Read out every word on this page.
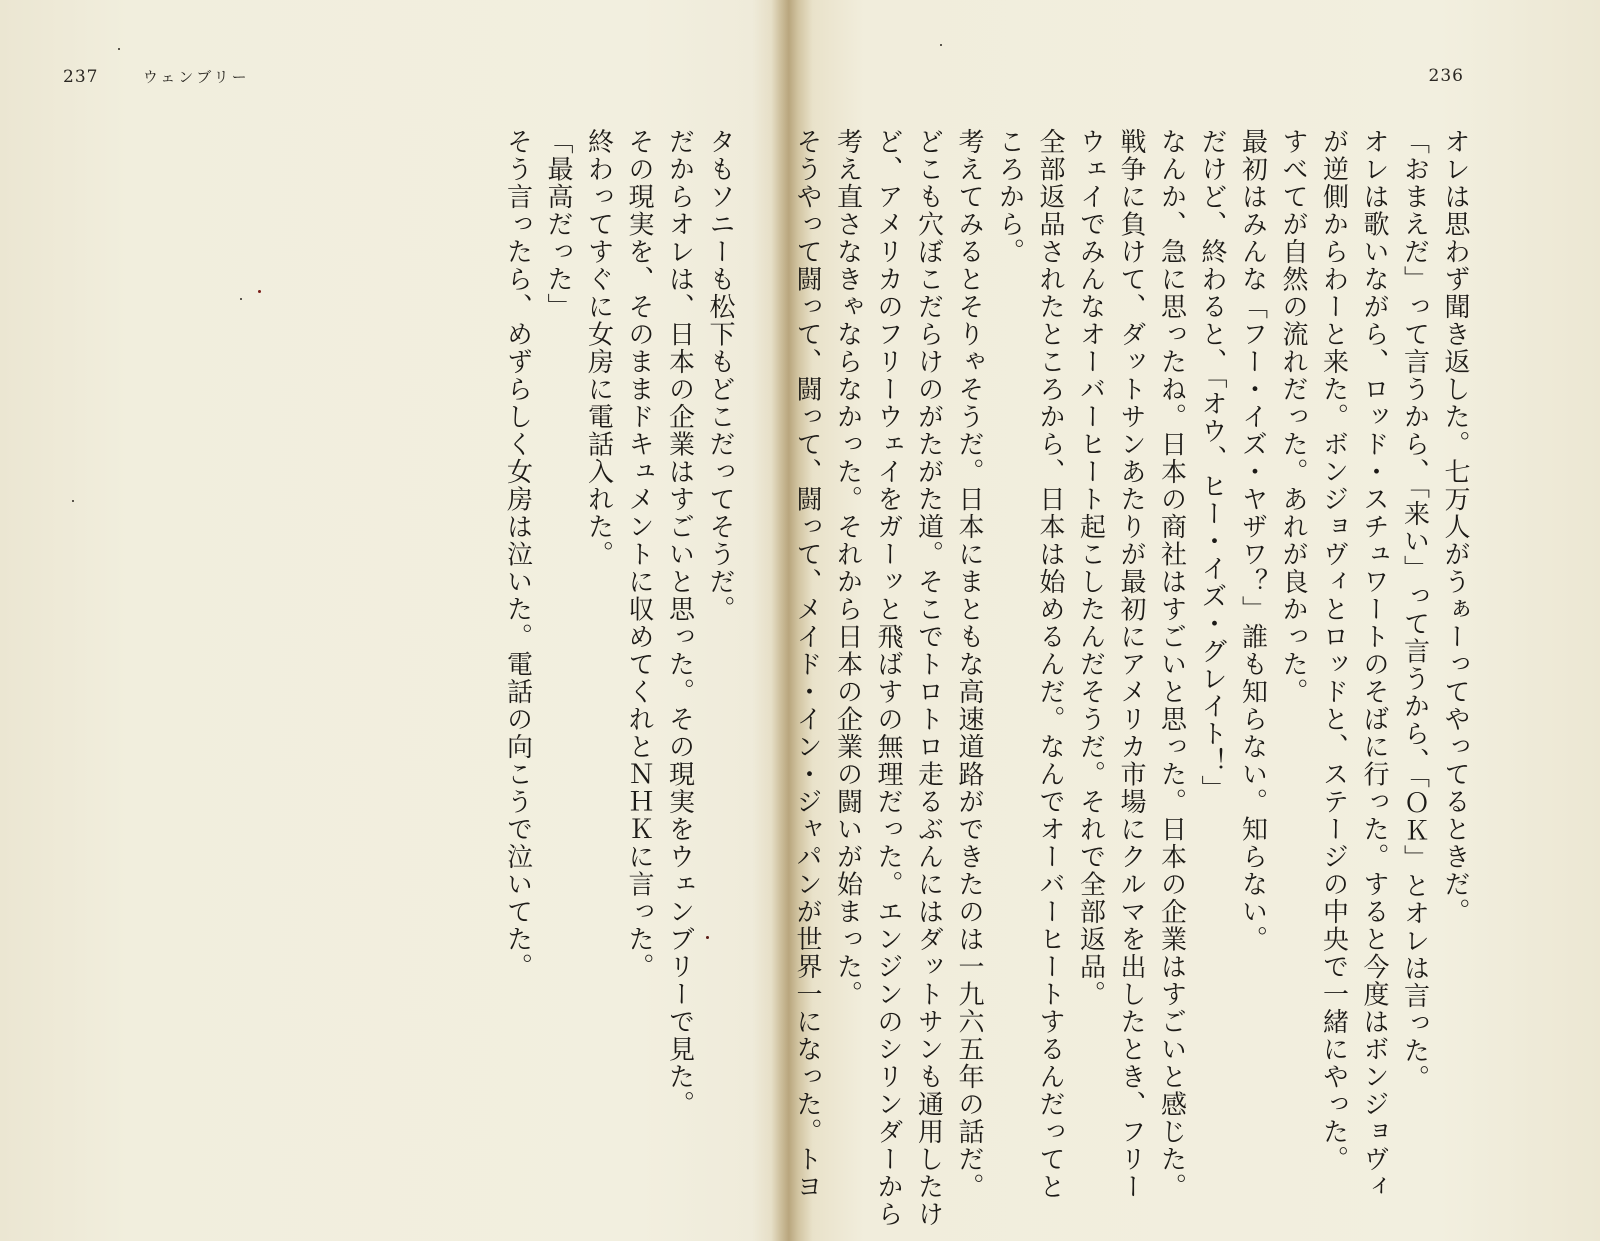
237	ウェンブリー

タもソニーも松下もどこだってそうだ。

だからオレは、日本の企業はすごいと思った。その現実をウェンブリーで見た。

その現実を、そのままドキュメントに収めてくれとＮＨＫに言った。

終わってすぐに女房に電話入れた。

「最高だった」

そう言ったら、めずらしく女房は泣いた。電話の向こうで泣いてた。

236

オレは思わず聞き返した。七万人がうぁーってやってるときだ。

「おまえだ」って言うから、「来い」って言うから、「ＯＫ」とオレは言った。

オレは歌いながら、ロッド・スチュワートのそばに行った。すると今度はボンジョヴィ

が逆側からわーと来た。ボンジョヴィとロッドと、ステージの中央で一緒にやった。

すべてが自然の流れだった。あれが良かった。

最初はみんな「フー・イズ・ヤザワ？」誰も知らない。知らない。

だけど、終わると、「オウ、ヒー・イズ・グレイト！」

なんか、急に思ったね。日本の商社はすごいと思った。日本の企業はすごいと感じた。

戦争に負けて、ダットサンあたりが最初にアメリカ市場にクルマを出したとき、フリー

ウェイでみんなオーバーヒート起こしたんだそうだ。それで全部返品。

全部返品されたところから、日本は始めるんだ。なんでオーバーヒートするんだってと

ころから。

考えてみるとそりゃそうだ。日本にまともな高速道路ができたのは一九六五年の話だ。

どこも穴ぼこだらけのがたがた道。そこでトロトロ走るぶんにはダットサンも通用したけ

ど、アメリカのフリーウェイをガーッと飛ばすの無理だった。エンジンのシリンダーから

考え直さなきゃならなかった。それから日本の企業の闘いが始まった。

そうやって闘って、闘って、闘って、メイド・イン・ジャパンが世界一になった。トヨ
